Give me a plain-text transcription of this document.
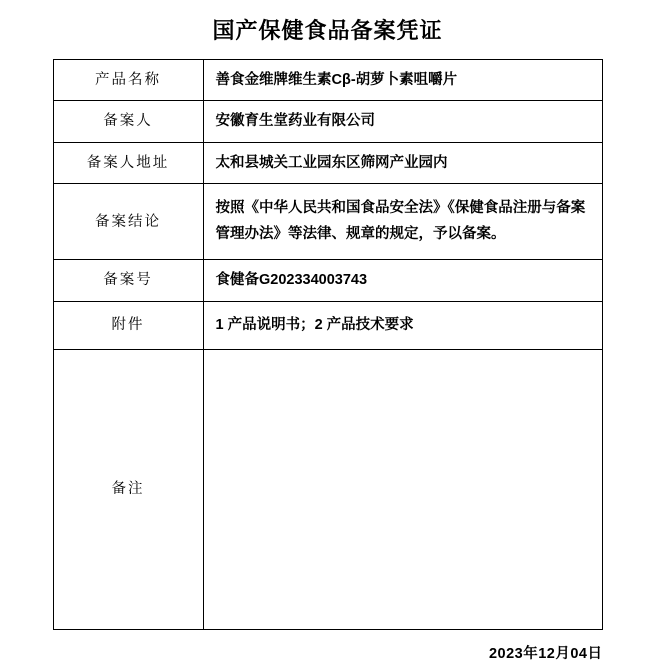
国产保健食品备案凭证
产品名称	善食金维牌维生素Cβ-胡萝卜素咀嚼片
备案人	安徽育生堂药业有限公司
备案人地址	太和县城关工业园东区筛网产业园内
备案结论	按照《中华人民共和国食品安全法》《保健食品注册与备案管理办法》等法律、规章的规定，予以备案。
备案号	食健备G202334003743
附件	1 产品说明书；2 产品技术要求
备注	
2023年12月04日
